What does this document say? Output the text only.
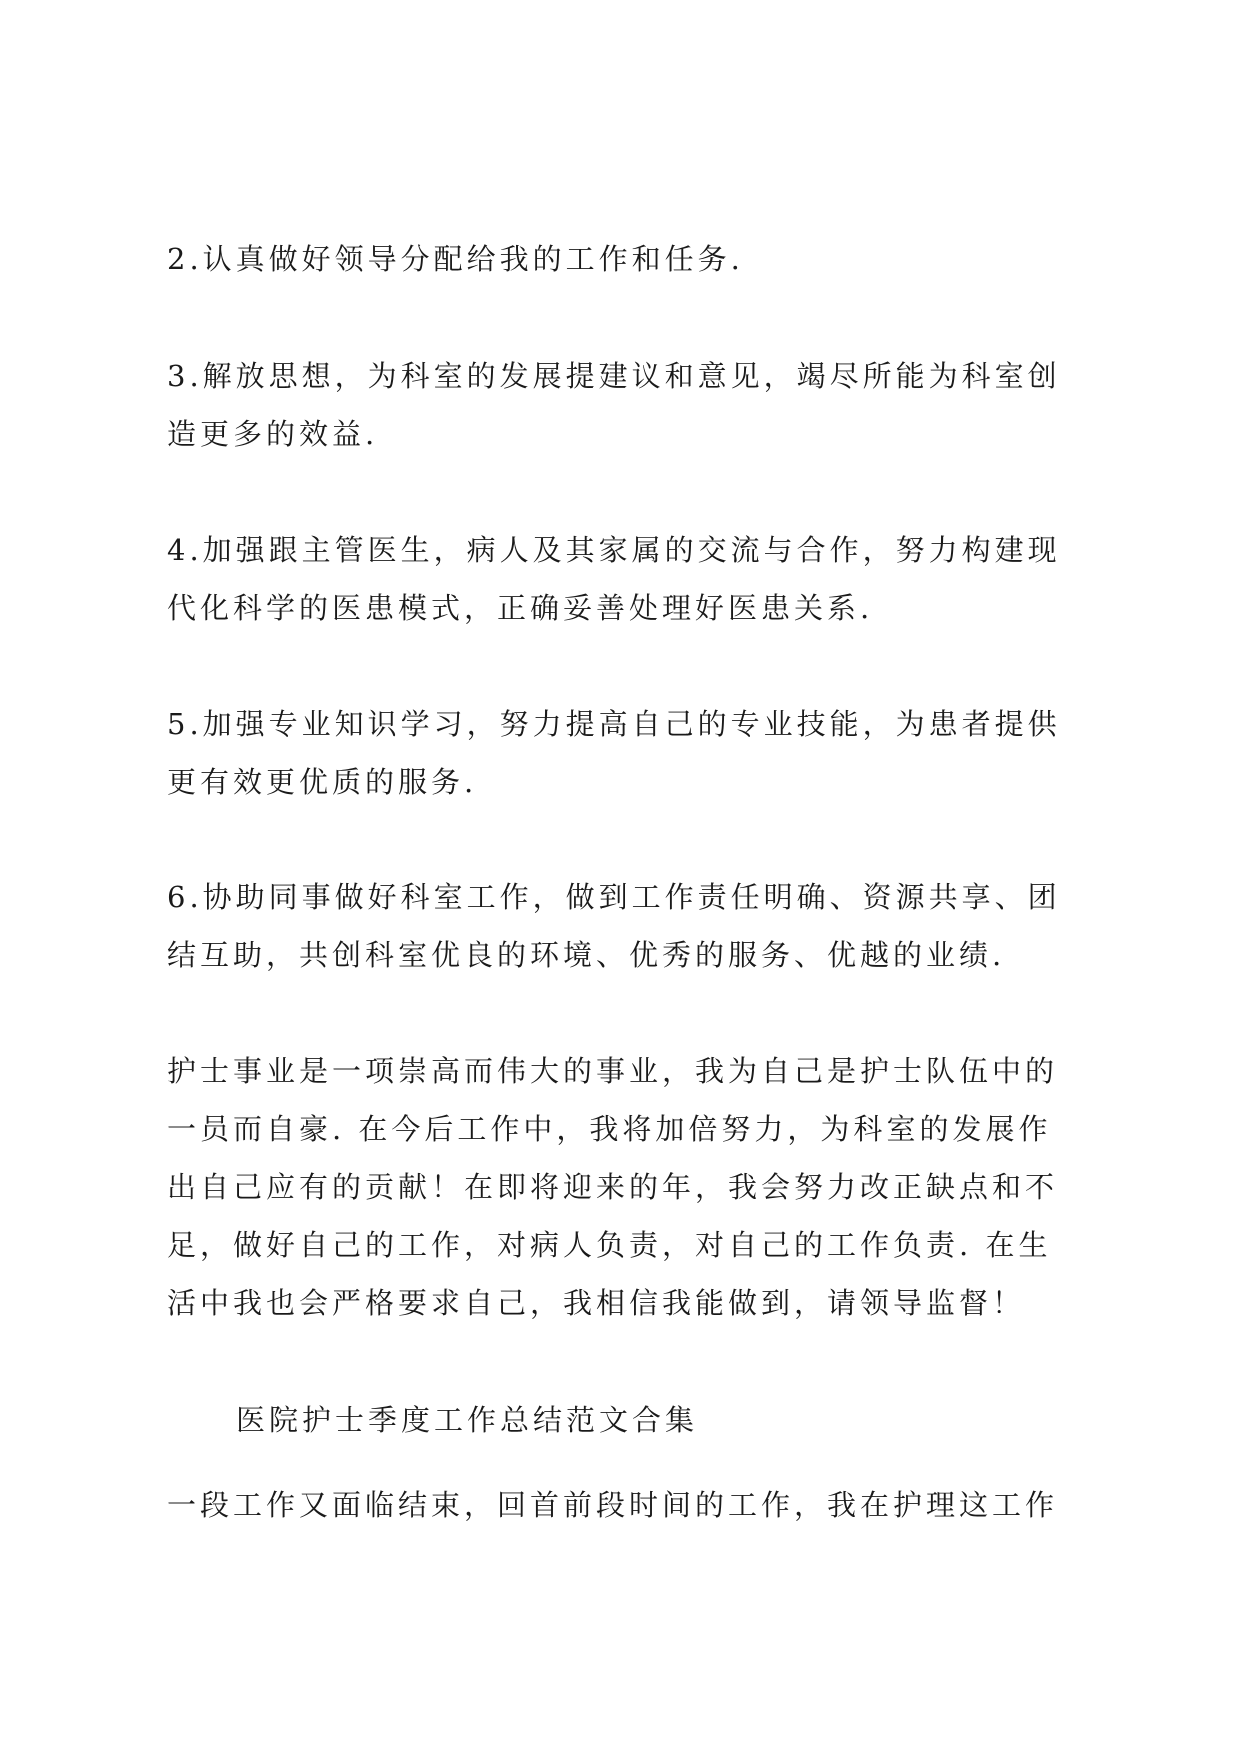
2.认真做好领导分配给我的工作和任务.
3.解放思想，为科室的发展提建议和意见，竭尽所能为科室创
造更多的效益.
4.加强跟主管医生，病人及其家属的交流与合作，努力构建现
代化科学的医患模式，正确妥善处理好医患关系.
5.加强专业知识学习，努力提高自己的专业技能，为患者提供
更有效更优质的服务.
6.协助同事做好科室工作，做到工作责任明确、资源共享、团
结互助，共创科室优良的环境、优秀的服务、优越的业绩.
护士事业是一项崇高而伟大的事业，我为自己是护士队伍中的
一员而自豪. 在今后工作中，我将加倍努力，为科室的发展作
出自己应有的贡献！在即将迎来的年，我会努力改正缺点和不
足，做好自己的工作，对病人负责，对自己的工作负责. 在生
活中我也会严格要求自己，我相信我能做到，请领导监督！
医院护士季度工作总结范文合集
一段工作又面临结束，回首前段时间的工作，我在护理这工作
